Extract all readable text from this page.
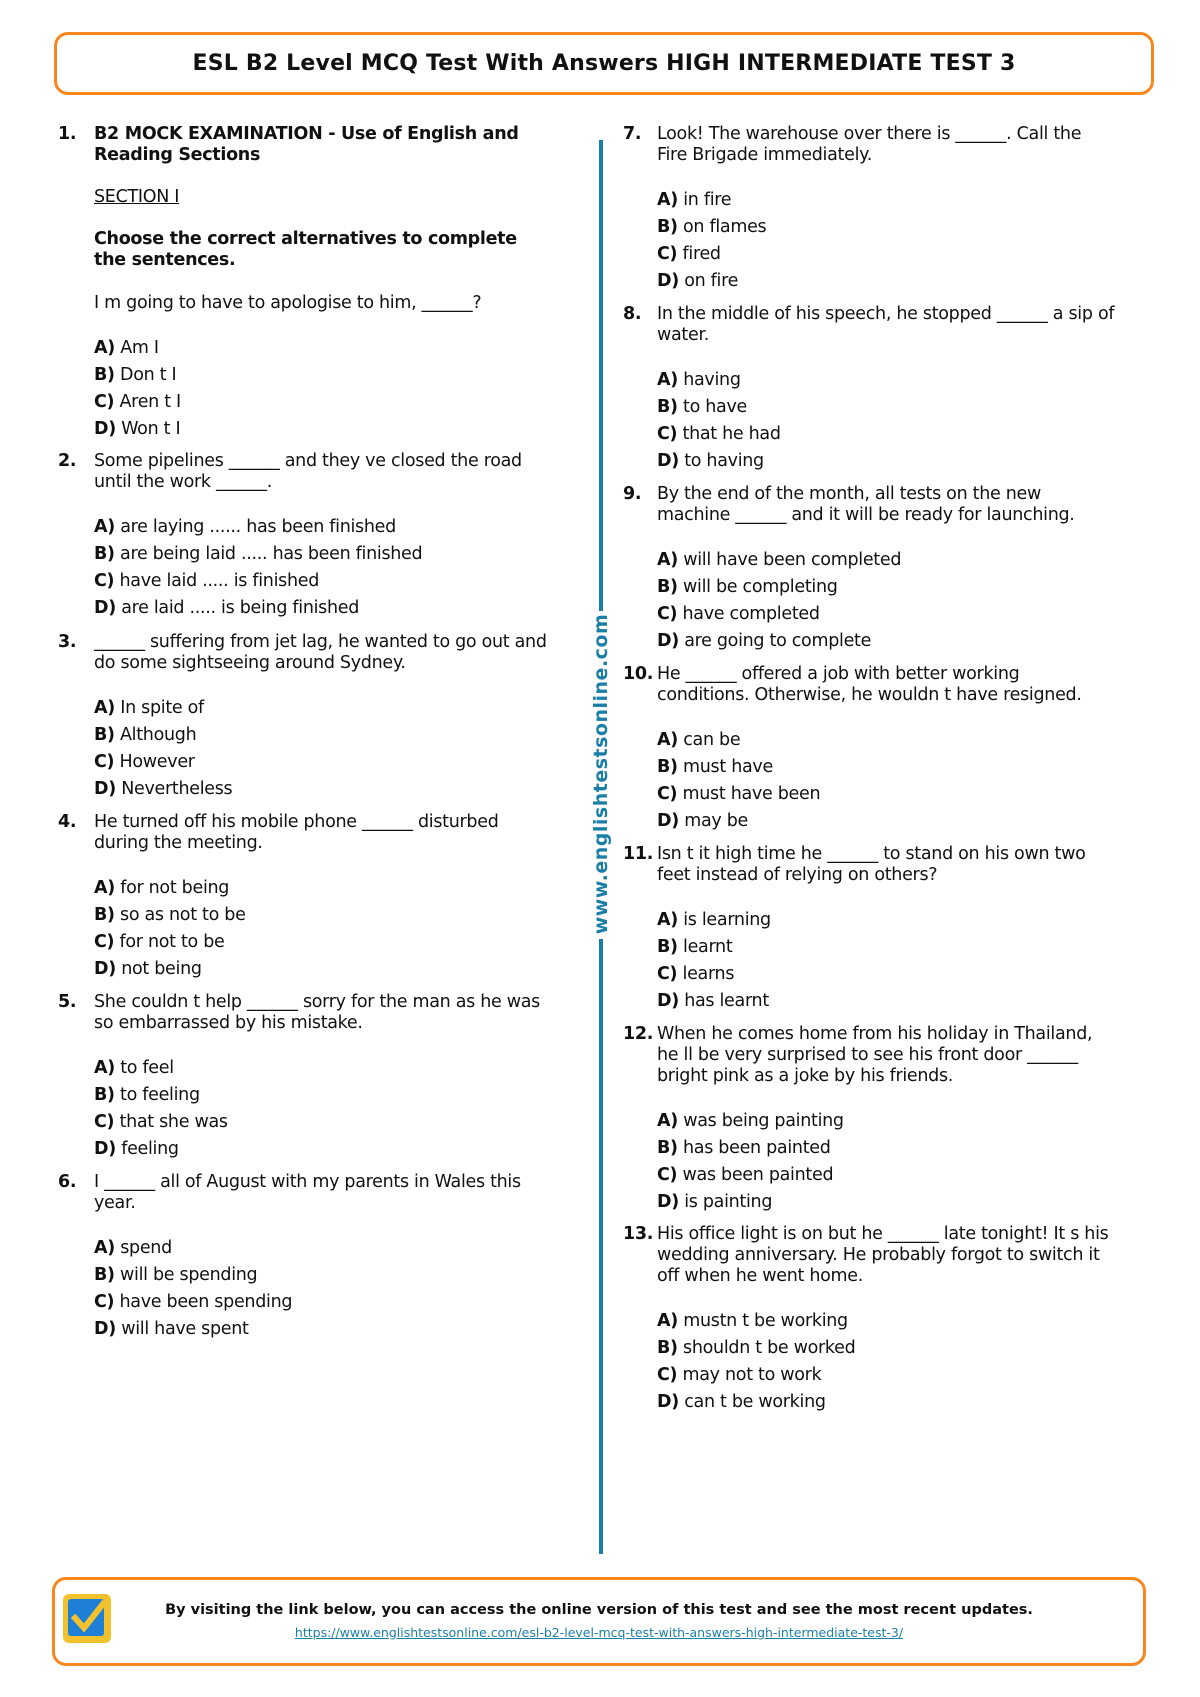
ESL B2 Level MCQ Test With Answers HIGH INTERMEDIATE TEST 3
www.englishtestsonline.com
1. B2 MOCK EXAMINATION - Use of English and
Reading Sections
SECTION I
Choose the correct alternatives to complete
the sentences.
I m going to have to apologise to him, ______?
A) Am I
B) Don t I
C) Aren t I
D) Won t I
2. Some pipelines ______ and they ve closed the road
until the work ______.
A) are laying ...... has been finished
B) are being laid ..... has been finished
C) have laid ..... is finished
D) are laid ..... is being finished
3. ______ suffering from jet lag, he wanted to go out and
do some sightseeing around Sydney.
A) In spite of
B) Although
C) However
D) Nevertheless
4. He turned off his mobile phone ______ disturbed
during the meeting.
A) for not being
B) so as not to be
C) for not to be
D) not being
5. She couldn t help ______ sorry for the man as he was
so embarrassed by his mistake.
A) to feel
B) to feeling
C) that she was
D) feeling
6. I ______ all of August with my parents in Wales this
year.
A) spend
B) will be spending
C) have been spending
D) will have spent
7. Look! The warehouse over there is ______. Call the
Fire Brigade immediately.
A) in fire
B) on flames
C) fired
D) on fire
8. In the middle of his speech, he stopped ______ a sip of
water.
A) having
B) to have
C) that he had
D) to having
9. By the end of the month, all tests on the new
machine ______ and it will be ready for launching.
A) will have been completed
B) will be completing
C) have completed
D) are going to complete
10. He ______ offered a job with better working
conditions. Otherwise, he wouldn t have resigned.
A) can be
B) must have
C) must have been
D) may be
11. Isn t it high time he ______ to stand on his own two
feet instead of relying on others?
A) is learning
B) learnt
C) learns
D) has learnt
12. When he comes home from his holiday in Thailand,
he ll be very surprised to see his front door ______
bright pink as a joke by his friends.
A) was being painting
B) has been painted
C) was been painted
D) is painting
13. His office light is on but he ______ late tonight! It s his
wedding anniversary. He probably forgot to switch it
off when he went home.
A) mustn t be working
B) shouldn t be worked
C) may not to work
D) can t be working
By visiting the link below, you can access the online version of this test and see the most recent updates.
https://www.englishtestsonline.com/esl-b2-level-mcq-test-with-answers-high-intermediate-test-3/
